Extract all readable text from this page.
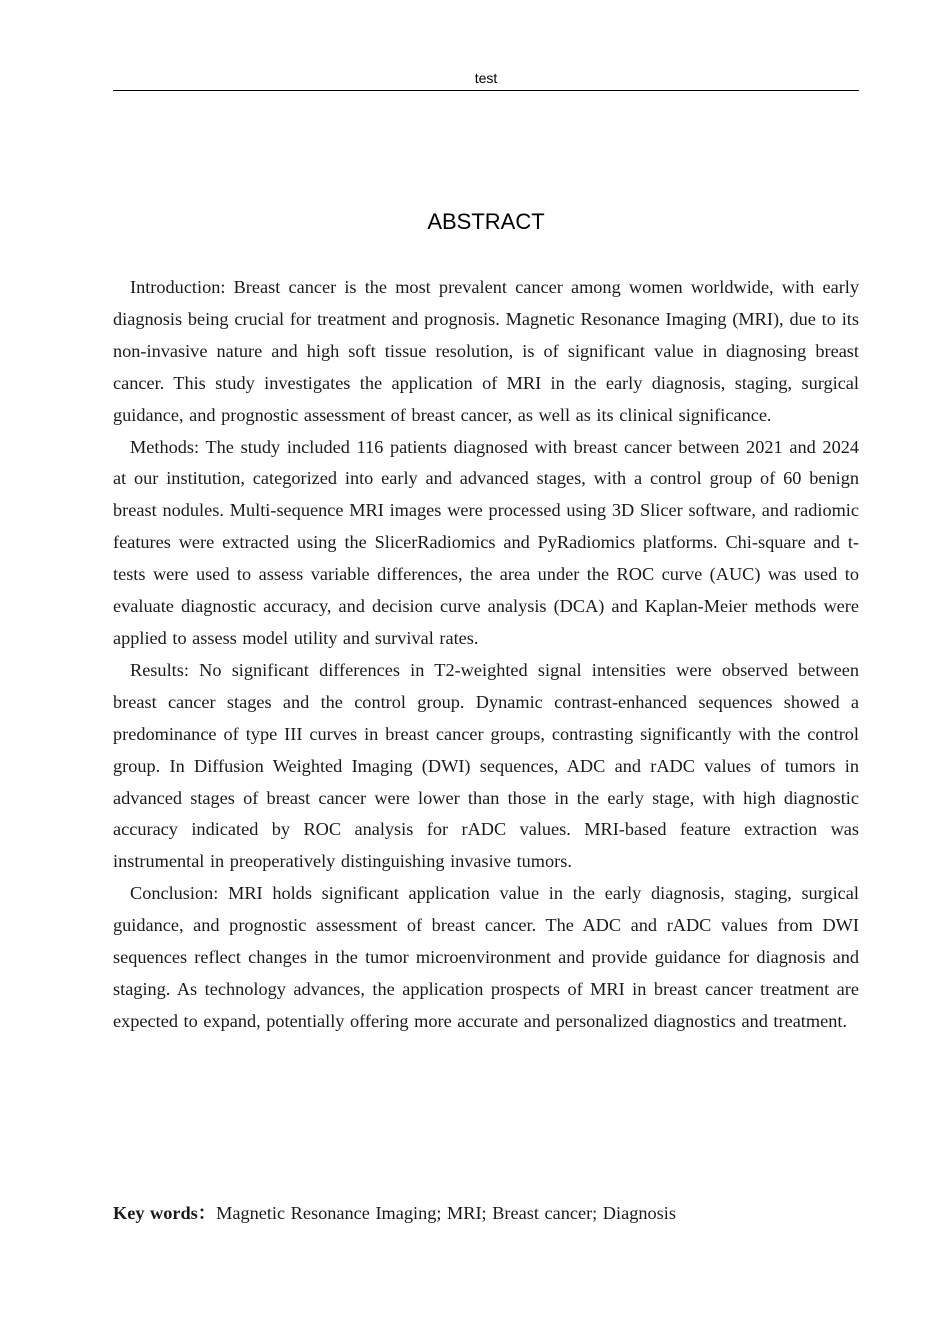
test
ABSTRACT

Introduction: Breast cancer is the most prevalent cancer among women worldwide, with early diagnosis being crucial for treatment and prognosis. Magnetic Resonance Imaging (MRI), due to its non-invasive nature and high soft tissue resolution, is of significant value in diagnosing breast cancer. This study investigates the application of MRI in the early diagnosis, staging, surgical guidance, and prognostic assessment of breast cancer, as well as its clinical significance.

Methods: The study included 116 patients diagnosed with breast cancer between 2021 and 2024 at our institution, categorized into early and advanced stages, with a control group of 60 benign breast nodules. Multi-sequence MRI images were processed using 3D Slicer software, and radiomic features were extracted using the SlicerRadiomics and PyRadiomics platforms. Chi-square and t-tests were used to assess variable differences, the area under the ROC curve (AUC) was used to evaluate diagnostic accuracy, and decision curve analysis (DCA) and Kaplan-Meier methods were applied to assess model utility and survival rates.

Results: No significant differences in T2-weighted signal intensities were observed between breast cancer stages and the control group. Dynamic contrast-enhanced sequences showed a predominance of type III curves in breast cancer groups, contrasting significantly with the control group. In Diffusion Weighted Imaging (DWI) sequences, ADC and rADC values of tumors in advanced stages of breast cancer were lower than those in the early stage, with high diagnostic accuracy indicated by ROC analysis for rADC values. MRI-based feature extraction was instrumental in preoperatively distinguishing invasive tumors.

Conclusion: MRI holds significant application value in the early diagnosis, staging, surgical guidance, and prognostic assessment of breast cancer. The ADC and rADC values from DWI sequences reflect changes in the tumor microenvironment and provide guidance for diagnosis and staging. As technology advances, the application prospects of MRI in breast cancer treatment are expected to expand, potentially offering more accurate and personalized diagnostics and treatment.

Key words：Magnetic Resonance Imaging; MRI; Breast cancer; Diagnosis
